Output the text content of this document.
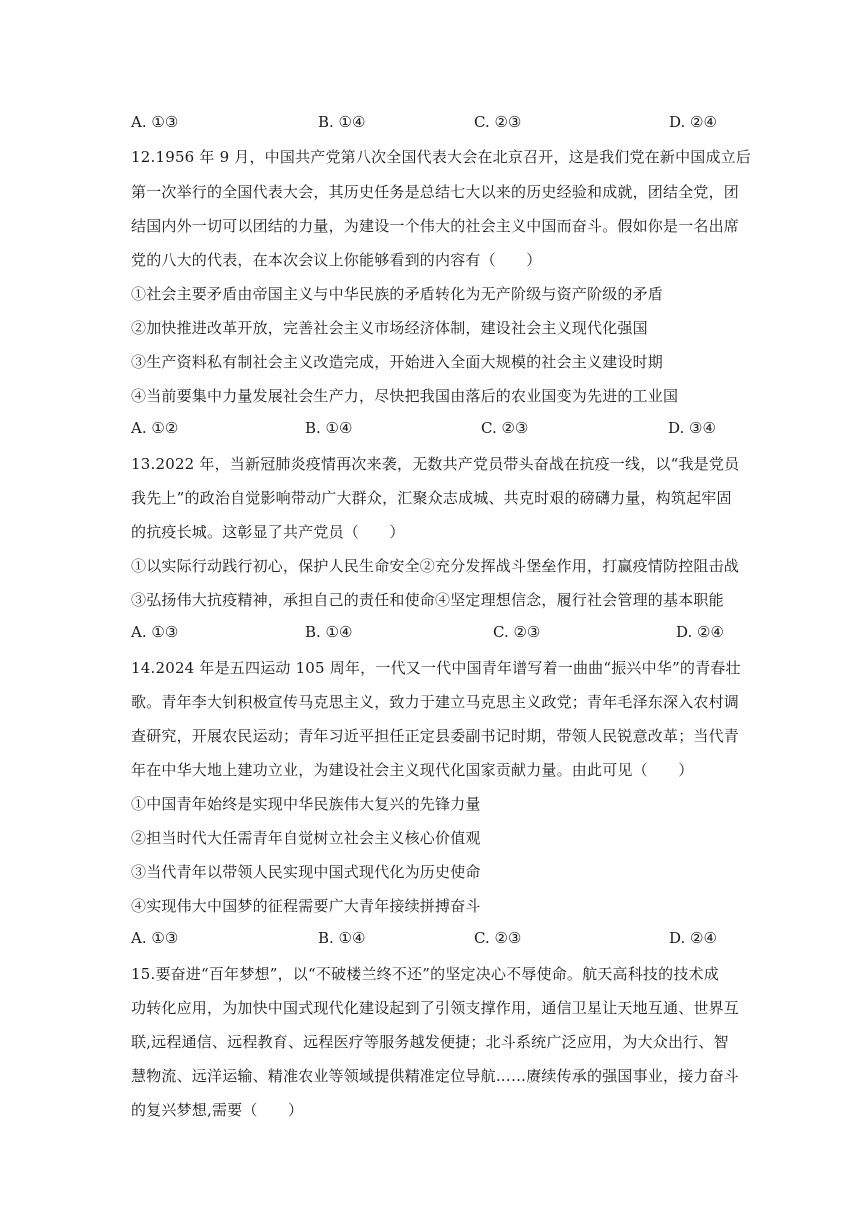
A. ①③	B. ①④	C. ②③	D. ②④
12.1956 年 9 月，中国共产党第八次全国代表大会在北京召开，这是我们党在新中国成立后
第一次举行的全国代表大会，其历史任务是总结七大以来的历史经验和成就，团结全党，团
结国内外一切可以团结的力量，为建设一个伟大的社会主义中国而奋斗。假如你是一名出席
党的八大的代表，在本次会议上你能够看到的内容有（　　）
①社会主要矛盾由帝国主义与中华民族的矛盾转化为无产阶级与资产阶级的矛盾
②加快推进改革开放，完善社会主义市场经济体制，建设社会主义现代化强国
③生产资料私有制社会主义改造完成，开始进入全面大规模的社会主义建设时期
④当前要集中力量发展社会生产力，尽快把我国由落后的农业国变为先进的工业国
A. ①②	B. ①④	C. ②③	D. ③④
13.2022 年，当新冠肺炎疫情再次来袭，无数共产党员带头奋战在抗疫一线，以“我是党员
我先上”的政治自觉影响带动广大群众，汇聚众志成城、共克时艰的磅礴力量，构筑起牢固
的抗疫长城。这彰显了共产党员（　　）
①以实际行动践行初心，保护人民生命安全②充分发挥战斗堡垒作用，打赢疫情防控阻击战
③弘扬伟大抗疫精神，承担自己的责任和使命④坚定理想信念，履行社会管理的基本职能
A. ①③	B. ①④	C. ②③	D. ②④
14.2024 年是五四运动 105 周年，一代又一代中国青年谱写着一曲曲“振兴中华”的青春壮
歌。青年李大钊积极宣传马克思主义，致力于建立马克思主义政党；青年毛泽东深入农村调
查研究，开展农民运动；青年习近平担任正定县委副书记时期，带领人民锐意改革；当代青
年在中华大地上建功立业，为建设社会主义现代化国家贡献力量。由此可见（　　）
①中国青年始终是实现中华民族伟大复兴的先锋力量
②担当时代大任需青年自觉树立社会主义核心价值观
③当代青年以带领人民实现中国式现代化为历史使命
④实现伟大中国梦的征程需要广大青年接续拼搏奋斗
A. ①③	B. ①④	C. ②③	D. ②④
15.要奋进“百年梦想”，以“不破楼兰终不还”的坚定决心不辱使命。航天高科技的技术成
功转化应用，为加快中国式现代化建设起到了引领支撑作用，通信卫星让天地互通、世界互
联,远程通信、远程教育、远程医疗等服务越发便捷；北斗系统广泛应用，为大众出行、智
慧物流、远洋运输、精准农业等领域提供精准定位导航……赓续传承的强国事业，接力奋斗
的复兴梦想,需要（　　）
